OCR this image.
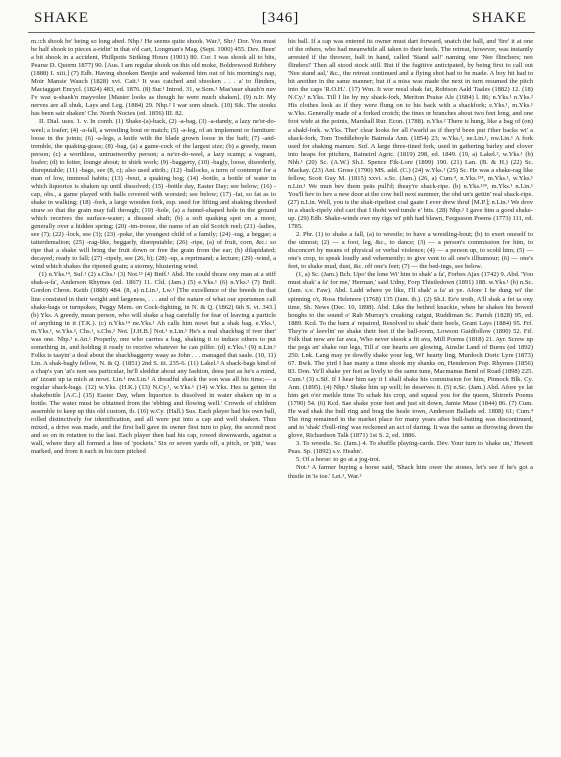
SHAKE	[346]	SHAKE

m.:ch shook be' being so long abed. Nhp.¹ He seems quite shook. War.³, Shr.¹ Dor. You must be half shook to pieces a-ridin' in that o'd cart, Longman's Mag. (Sept. 1900) 455. Dev. Been' a bit shook in a accident, Phillpotts Striking Hours (1901) 80. Cor. I was shook all to bits, Pearse D. Quorm 1877) 90. [Aus. I am regular shook on this old moke, Boldrewood Robbery (1888) I. xiii.] (7) Edb. Having shooken Benjie and wakened him out of his morning's nap, Moir Mansie Wauch (1828) xvi. Cait.¹ It was catched and shooken . . . a' to flinders, Mactaggart Encycl. (1824) 483, ed. 1876. (8) Sur.¹ Introd. 31, w.Som.¹ Mas'usur shaub'n nuv I'v waz u-shaek'n mayvolee [Master looks as though he were much shaken]. (9) n.Ir. My nerves are all shuk, Lays and Leg. (1884) 29. Nhp.² I war som shuck. (10) Sik. The stooks has been sair shaken' Chr. North Noctes (ed. 1856) III. 82.

II. Dial. uses. 1. v. In comb. (1) Shake-(a)-back, (2) -a-bag, (3) -a-dandy, a lazy ne'er-do-weel; a loafer; (4) -a-fall, a wrestling bout or match; (5) -a-leg, of an implement or furniture: loose in the joints; (6) -a-legs, a knife with the blade grown loose in the haft; (7) -and-tremble, the quaking-grass; (8) -bag, (a) a game-cock of the largest size; (b) a greedy, mean person; (c) a worthless, untrustworthy person; a ne'er-do-weel, a lazy scamp; a vagrant, loafer; (d) to loiter, lounge about; to shirk work; (9) -baggerty, (10) -bagly, loose, disorderly, disreputable; (11) -bags, see (8, c); also used attrib.; (12) -ballocks, a term of contempt for a man of low, immoral habits; (13) -bout, a quaking bog; (14) -bottle, a bottle of water in which liquorice is shaken up until dissolved; (15) -bottle day, Easter Day; see below; (16) -cap, obs., a game played with balls covered with worsted; see below; (17) -fat, so fat as to shake in walking; (18) -fork, a large wooden fork, esp. used for lifting and shaking threshed straw so that the grain may fall through; (19) -hole, (a) a funnel-shaped hole in the ground which receives the surface-water; a disused shaft; (b) a soft quaking spot on a moor, generally over a hidden spring; (20) -im-troose, the name of an old Scotch reel; (21) -ladies, see (7); (22) -lock, see (3); (23) -poke, the youngest child of a family; (24) -rag, a beggar; a tatterdemalion; (25) -rag-like, beggarly, disreputable; (26) -ripe, (a) of fruit, corn, &c.: so ripe that a shake will bring the fruit down or free the grain from the ear; (b) dilapidated; decayed; ready to fall; (27) -ripely, see (26, b); (28) -up, a reprimand; a lecture; (29) -wind, a wind which shakes the ripened grain; a stormy, blustering wind.

(1) n.Yks.¹⁴, Suf.¹ (2) s.Chs.¹ (3) Not.¹³ (4) Bnff.¹ Abd. He could thraw ony man at a stiff shak-a-fa', Anderson Rhymes (ed. 1867) 11. Cld. (Jam.) (5) e.Yks.¹ (6) n.Yks.² (7) Bnff. Gordon Chron. Keith (1880) 484. (8, a) n.Lin.¹, Lw.¹ [The excellence of the breeds in that line consisted in their weight and largeness, . . . and of the nature of what our sportsmen call shake-bags or turnpokes, Peggy Mem. on Cock-fighting, in N. & Q. (1862) 6th S. vi. 343.] (b) Yks. A greedy, mean person, who will shake a bag carefully for fear of leaving a particle of anything in it (T.K.). (c) n.Yks.¹⁴ ne.Yks.¹ Ah calls him nowt but a shak bag. e.Yks.¹, m.Yks.¹, w.Yks.², Chs.¹, s.Chs.¹ Not. [J.H.B.] Not.¹ n.Lin.¹ He's a real shackbag if iver ther' was one. Nhp.¹ e.An.¹ Properly, one who carries a bag, shaking it to induce others to put something in, and holding it ready to receive whatever he can pilfer. (d) e.Yks.¹ (9) n.Lin.¹ Folks is taayin' a deal about the shackbaggerty waay as John . . . managed that saale. (10, 11) Lin. A shak-bagly fellow, N. & Q. (1851) 2nd S. iii. 235-6. (11) Lakel.² A shack-bags kind of a chap's yan 'at's non sea particular, he'll sleddur about any fashion, deea just as he's a mind, an' izzant up ta mich at nowt. Lin.¹ nw.Lin.¹ A dreadful shack the son was all his time;— a regular shack-bags. (12) w.Yks. (H.K.) (13) N.Cy.¹, w.Yks.¹ (14) w.Yks. Hes ta getten thi shakebottle [A.C.] (15) Easter Day, when liquorice is dissolved in water shaken up in a bottle. The water must be obtained from the 'ebbing and flowing well.' Crowds of children assemble to keep up this old custom, ib. (16) w.Cy. (Hall.) Sus. Each player had his own ball, rolled distinctively for identification, and all were put into a cap and well shaken. Thus mixed, a drive was made, and the first ball gave its owner first turn to play, the second next and so on in rotation to the last. Each player then had his cap, rowed downwards, against a wall, where they all formed a line of 'pockets.' Six or seven yards off, a pitch, or 'pitt,' was marked, and from it each in his turn pitched

his ball. If a cap was entered its owner must dart forward, snatch the ball, and 'fire' it at one of the others, who had meanwhile all taken to their heels. The retreat, however, was instantly arrested if the thrower, ball in hand, called 'Stand aal!' naming one 'Nee flinchers; nee flinders!' Then all stood stock still. But if the fugitive anticipated, by being first to call out 'Nee stand aal,' &c., the retreat continued and a flying shot had to be made. A boy hit had to hit another in the same manner; but if a miss was made the next in turn resumed the pitch into the caps 'R.O.H.'. (17) Wm. It wor reeal shak fat, Robison Aald Taales (1882) 12. (18) N.Cy.¹ n.Yks. Till I lie by my shack-fork, Meriton Praise Ale (1684) l. 86; n.Yks.¹ n.Yks.² His clothes look as if they were flung on to his back with a shackfork; e.Yks.¹, m.Yks.¹ w.Yks. Generally made of a forked crotch; the tines or branches about two feet long, and one foot wide at the points, Marshall Rur. Econ. (1788). n.Yks.² There is hung, like a bag of (on) a shakf-fork. w.Yks. Ther' clear looks fer all t'warld as if they'd been put t'ther backs wi' a shack-fork, Tom Treddlehoyle Bairnsla Ann. (1854) 23; w.Yks.¹, ne.Lin.¹, nw.Lin.¹ A fork used for shaking manure. Suf. A large three-tined fork, used in gathering barley and clover into heaps for pitchers, Raineird Agric. (1819) 298, ed. 1849. (19, a) Lakel.², w.Yks.¹ (b) Nhb.¹ (20) Sc. (A.W.) Sh.I. Spence Fik-Lore (1899) 190. (21) Lan. (B. & H.) (22) Sc. Mackay. (23) Ant. Grose (1790) MS. add. (C.) (24) w.Yks.¹ (25) Sc. He was a shake-rag like fellow, Scott Guy M. (1815) xxvi. s.Sc. (Jam.) (26, a) Cum.⁴, n.Yks.¹²⁴, m.Yks.¹, w.Yks.¹ n.Lin.¹ We mun bev them peäs pull'd; theay're shack-ripe. (b) n.Yks.¹²⁴, m.Yks.¹ n.Lin.¹ You'll hev to hev a new door at the cow hell next summer, the ohd un's gettin' real shack-ripe. (27) n.Lin. Well, you is the shak-ripeliest coal gaate I ever drew thruf [M.P.]; n.Lin.¹ We drov in a shack-ripely ohd cart that I thoht wed tumle e' bits. (28) Nhp.¹ I gave him a good shake-up. (29) Edb. Shake-winds owr my rigs wi' pith had blawn, Fergusson Poems (1773) 111, ed. 1785.

2. Phr. (1) to shake a fall, (a) to wrestle; to have a wrestling-bout; (b) to exert oneself to the utmost; (2) — a foot, leg, &c., to dance; (3) — a person's commission for him, to disconcert by means of physical or verbal violence; (4) — a person up, to scold him; (5) — one's crop, to speak loudly and vehemently; to give vent to all one's illhumour; (6) — one's feet, to shake mud, dust, &c. off one's feet; (7) — the bed-ings, see below.

(1, a) Sc. (Jam.) Bch. Upo' the lone Wi' him to shak' a fa', Forbes Ajax (1742) 9. Abd. 'You must shak' a fa' for me,' Herman,' said Udny, Forp Thistledown (1891) 188. w.Yks.¹ (b) n.Sc. (Jam. s.v. Faw). Abd. Ladd where ye like, I'll shak' a fa' at ye. Afore I be dung wi' the spinning o't, Ross Helenore (1768) 135 (Jam. ib.). (2) Sh.I. Ee'e troth, A'll shak a fet ta ony time, Sh. News (Dec. 10, 1898). Abd. Like the bethrel knackie, when he shakes his bowed houghs to the sound o' Rab Murray's creaking catgut, Ruddiman Sc. Parish (1828) 95, ed. 1889. Kcd. To the barn a' repaired, Resolved to shak' their heels, Grant Lays (1884) 95. Frf. They're a' leevlin' ne shake their feet if the ball-room, Lowson Guidfollow (1890) 52. Fif. Folk that now are far awa, Who never shook a fit ava, Mill Poems (1818) 21. Ayr. Screw up the pegs an' shake our legs, Till a' our hearts are glowing, Ainslie Land of Burns (ed 1892) 250. Lnk. Lang may ye dowfly shake your leg, Wi' hearty ling, Murdoch Doric Lyre (1873) 67. Bwk. The yird I hae many a time shook my shanks on, Henderson Pop. Rhymes (1856) 83. Don. Ye'll shake yer feet as lively to the same tune, Macmanus Bend of Road (1898) 225. Cum.¹ (3) s.Stf. If I hear him say it I shall shake his commission for him, Pinnock Blk. Cy. Ann. (1895). (4) Nhp.¹ Shake him up well; he deserves it. (5) n.Sc. (Jam.) Abd. Afore ye lat him get o'er meikle time To schak his crop, and squeal you for the queen, Shirrefs Poems (1790) 54. (6) Kcd. Sae shake your feet and just sit down, Jamie Muse (1844) 86. (7) Cum. He wad shak the bull ring and brag the heale town, Anderson Ballads ed. 1808) 61; Cum.⁴ The ring remained in the market place for many years after bull-baiting was discontinued, and to 'shak' t'bull-ring' was reckoned an act of daring. It was the same as throwing down the glove, Richardson Talk (1871) 1st S. 2, ed. 1886.

3. To wrestle. Sc. (Jam.) 4. To shuffle playing-cards. Dev. Your turn to 'shake un,' Hewett Peas. Sp. (1892) s.v. Heahn'.

5. Of a horse: to go at a jog-trot.

Not.¹ A farmer buying a horse said, 'Shack him ower the stones, let's see if he's got a thistle in 'is toe.' Lei.¹, War.³
